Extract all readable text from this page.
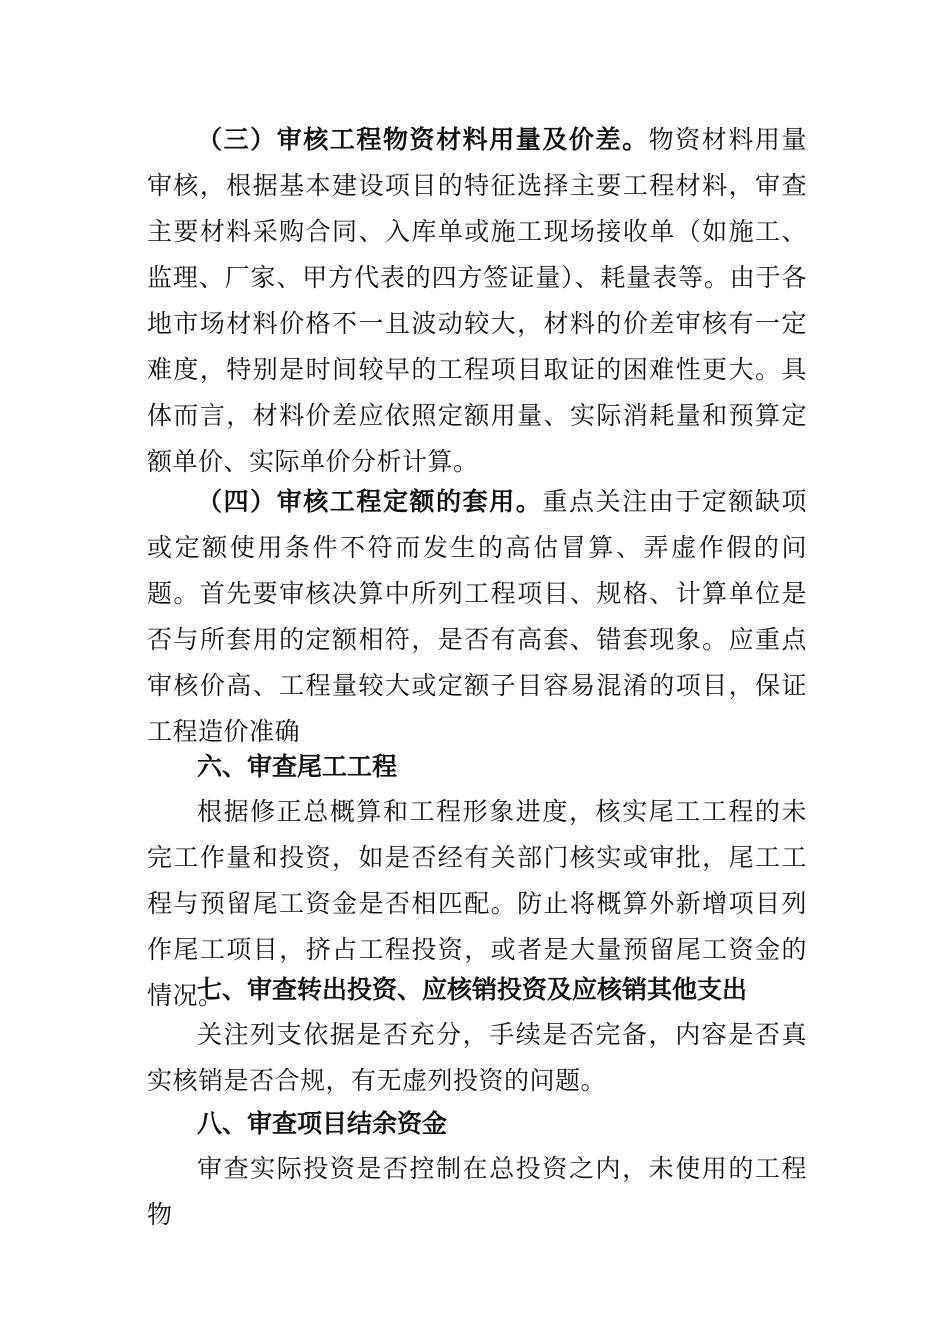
（三）审核工程物资材料用量及价差。物资材料用量审核，根据基本建设项目的特征选择主要工程材料，审查主要材料采购合同、入库单或施工现场接收单（如施工、监理、厂家、甲方代表的四方签证量）、耗量表等。由于各地市场材料价格不一且波动较大，材料的价差审核有一定难度，特别是时间较早的工程项目取证的困难性更大。具体而言，材料价差应依照定额用量、实际消耗量和预算定额单价、实际单价分析计算。

（四）审核工程定额的套用。重点关注由于定额缺项或定额使用条件不符而发生的高估冒算、弄虚作假的问题。首先要审核决算中所列工程项目、规格、计算单位是否与所套用的定额相符，是否有高套、错套现象。应重点审核价高、工程量较大或定额子目容易混淆的项目，保证工程造价准确

六、审查尾工工程

根据修正总概算和工程形象进度，核实尾工工程的未完工作量和投资，如是否经有关部门核实或审批，尾工工程与预留尾工资金是否相匹配。防止将概算外新增项目列作尾工项目，挤占工程投资，或者是大量预留尾工资金的情况。

七、审查转出投资、应核销投资及应核销其他支出

关注列支依据是否充分，手续是否完备，内容是否真实核销是否合规，有无虚列投资的问题。

八、审查项目结余资金

审查实际投资是否控制在总投资之内，未使用的工程物
